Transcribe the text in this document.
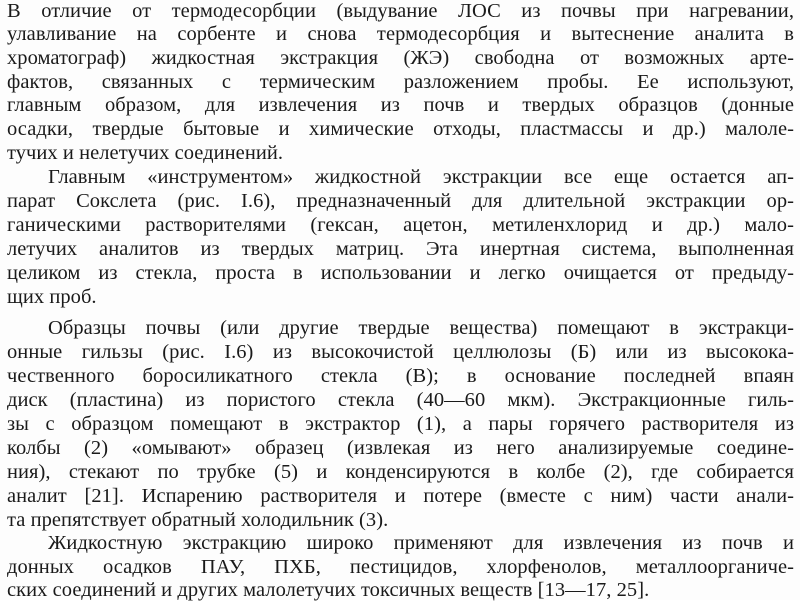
В отличие от термодесорбции (выдувание ЛОС из почвы при нагревании,
улавливание на сорбенте и снова термодесорбция и вытеснение аналита в
хроматограф) жидкостная экстракция (ЖЭ) свободна от возможных арте-
фактов, связанных с термическим разложением пробы. Ее используют,
главным образом, для извлечения из почв и твердых образцов (донные
осадки, твердые бытовые и химические отходы, пластмассы и др.) малоле-
тучих и нелетучих соединений.
Главным «инструментом» жидкостной экстракции все еще остается ап-
парат Сокслета (рис. I.6), предназначенный для длительной экстракции ор-
ганическими растворителями (гексан, ацетон, метиленхлорид и др.) мало-
летучих аналитов из твердых матриц. Эта инертная система, выполненная
целиком из стекла, проста в использовании и легко очищается от предыду-
щих проб.
Образцы почвы (или другие твердые вещества) помещают в экстракци-
онные гильзы (рис. I.6) из высокочистой целлюлозы (Б) или из высокока-
чественного боросиликатного стекла (В); в основание последней впаян
диск (пластина) из пористого стекла (40—60 мкм). Экстракционные гиль-
зы с образцом помещают в экстрактор (1), а пары горячего растворителя из
колбы (2) «омывают» образец (извлекая из него анализируемые соедине-
ния), стекают по трубке (5) и конденсируются в колбе (2), где собирается
аналит [21]. Испарению растворителя и потере (вместе с ним) части анали-
та препятствует обратный холодильник (3).
Жидкостную экстракцию широко применяют для извлечения из почв и
донных осадков ПАУ, ПХБ, пестицидов, хлорфенолов, металлоорганиче-
ских соединений и других малолетучих токсичных веществ [13—17, 25].
